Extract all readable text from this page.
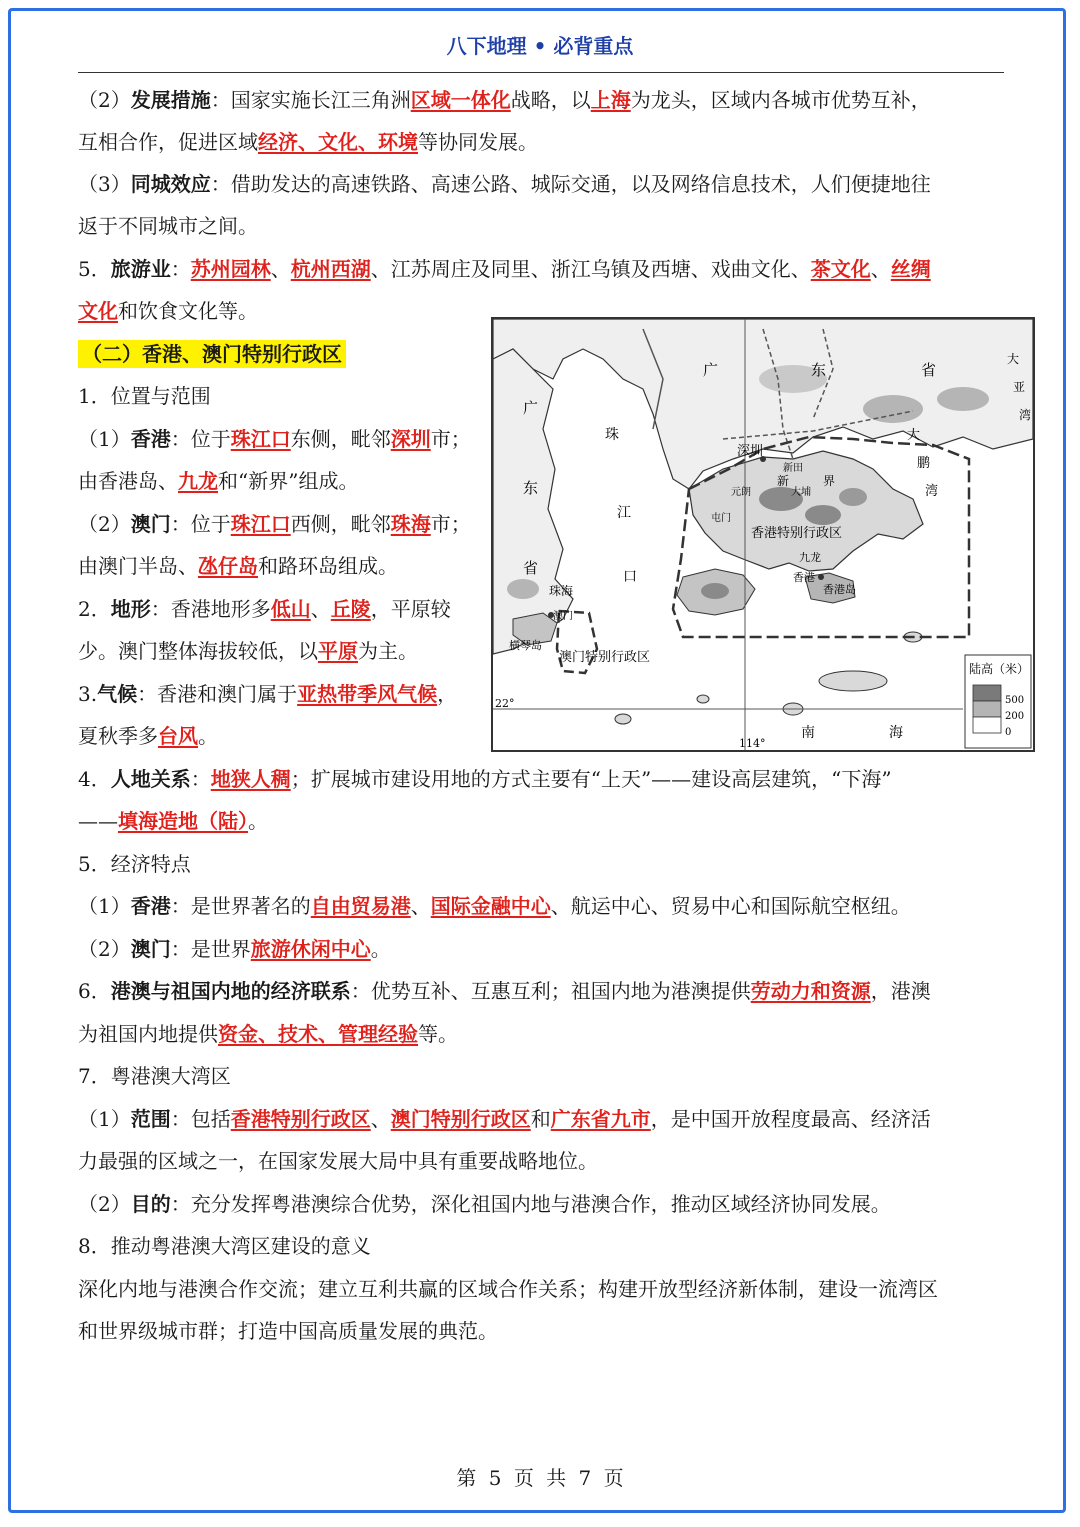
八下地理 • 必背重点
（2）发展措施：国家实施长江三角洲区域一体化战略，以上海为龙头，区域内各城市优势互补，
互相合作，促进区域经济、文化、环境等协同发展。
（3）同城效应：借助发达的高速铁路、高速公路、城际交通，以及网络信息技术，人们便捷地往
返于不同城市之间。
5．旅游业：苏州园林、杭州西湖、江苏周庄及同里、浙江乌镇及西塘、戏曲文化、茶文化、丝绸
文化和饮食文化等。
（二）香港、澳门特别行政区
1．位置与范围
（1）香港：位于珠江口东侧，毗邻深圳市；
由香港岛、九龙和“新界”组成。
（2）澳门：位于珠江口西侧，毗邻珠海市；
由澳门半岛、氹仔岛和路环岛组成。
2．地形：香港地形多低山、丘陵，平原较
少。澳门整体海拔较低，以平原为主。
3.气候：香港和澳门属于亚热带季风气候，
夏秋季多台风。
4．人地关系：地狭人稠；扩展城市建设用地的方式主要有“上天”——建设高层建筑，“下海”
——填海造地（陆）。
5．经济特点
（1）香港：是世界著名的自由贸易港、国际金融中心、航运中心、贸易中心和国际航空枢纽。
（2）澳门：是世界旅游休闲中心。
6．港澳与祖国内地的经济联系：优势互补、互惠互利；祖国内地为港澳提供劳动力和资源，港澳
为祖国内地提供资金、技术、管理经验等。
7．粤港澳大湾区
（1）范围：包括香港特别行政区、澳门特别行政区和广东省九市，是中国开放程度最高、经济活
力最强的区域之一，在国家发展大局中具有重要战略地位。
（2）目的：充分发挥粤港澳综合优势，深化祖国内地与港澳合作，推动区域经济协同发展。
8．推动粤港澳大湾区建设的意义
深化内地与港澳合作交流；建立互利共赢的区域合作关系；构建开放型经济新体制，建设一流湾区
和世界级城市群；打造中国高质量发展的典范。
广	东	省
广
东
省
珠
江
口
大
鹏
湾
大
亚
湾
深圳
新田
新	界
元朗	大埔
屯门
香港特别行政区
九龙
香港
香港岛
珠海
澳门
横琴岛
澳门特别行政区
南	海
22°
114°
陆高（米）
500
200
0
第 5 页 共 7 页
